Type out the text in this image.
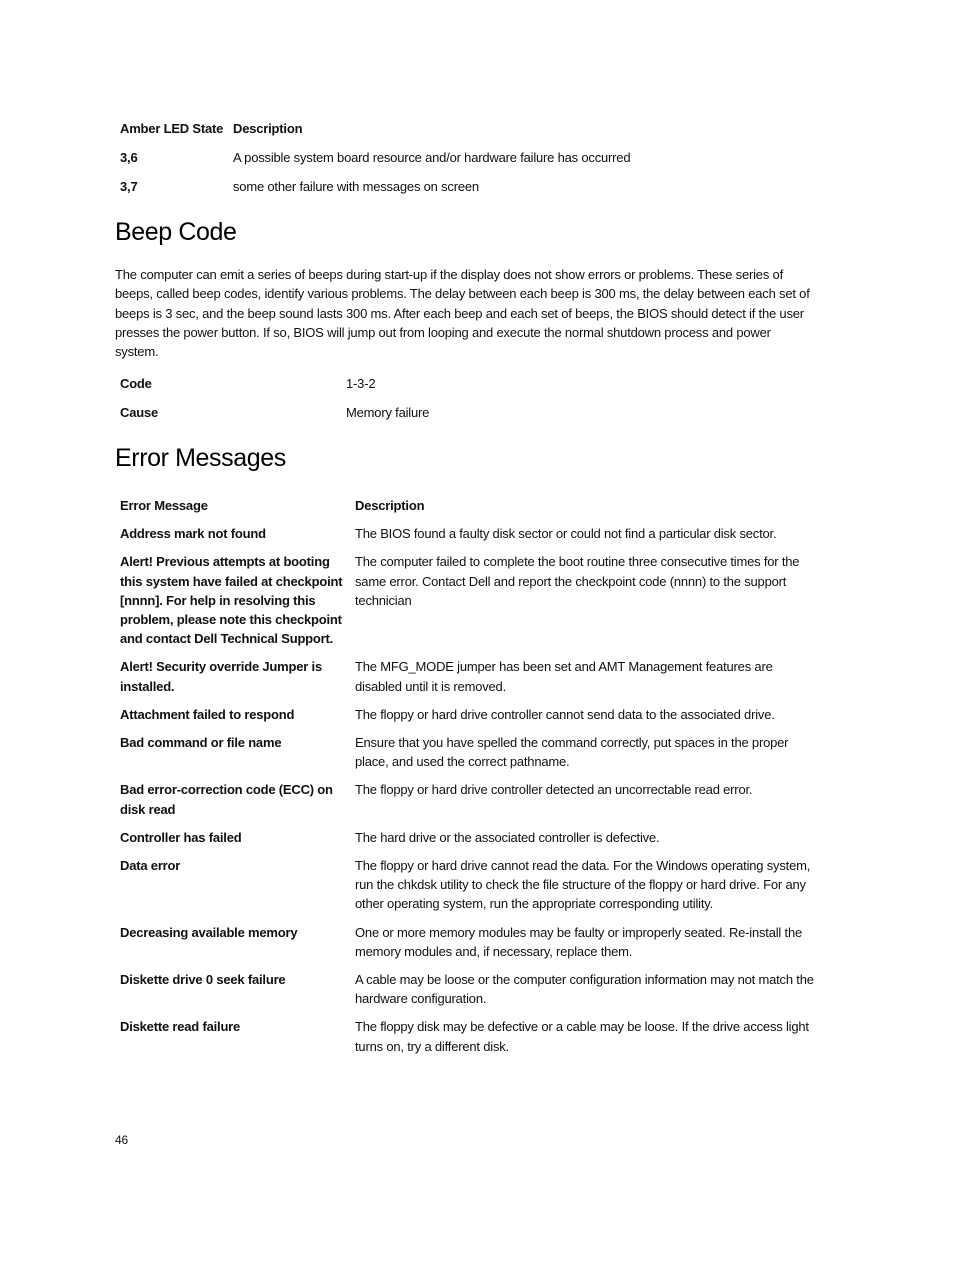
Amber LED State	Description
3,6	A possible system board resource and/or hardware failure has occurred
3,7	some other failure with messages on screen
Beep Code
The computer can emit a series of beeps during start-up if the display does not show errors or problems. These series of beeps, called beep codes, identify various problems. The delay between each beep is 300 ms, the delay between each set of beeps is 3 sec, and the beep sound lasts 300 ms. After each beep and each set of beeps, the BIOS should detect if the user presses the power button. If so, BIOS will jump out from looping and execute the normal shutdown process and power system.
Code	1-3-2
Cause	Memory failure
Error Messages
Error Message	Description
Address mark not found	The BIOS found a faulty disk sector or could not find a particular disk sector.
Alert! Previous attempts at booting this system have failed at checkpoint [nnnn]. For help in resolving this problem, please note this checkpoint and contact Dell Technical Support.	The computer failed to complete the boot routine three consecutive times for the same error. Contact Dell and report the checkpoint code (nnnn) to the support technician
Alert! Security override Jumper is installed.	The MFG_MODE jumper has been set and AMT Management features are disabled until it is removed.
Attachment failed to respond	The floppy or hard drive controller cannot send data to the associated drive.
Bad command or file name	Ensure that you have spelled the command correctly, put spaces in the proper place, and used the correct pathname.
Bad error-correction code (ECC) on disk read	The floppy or hard drive controller detected an uncorrectable read error.
Controller has failed	The hard drive or the associated controller is defective.
Data error	The floppy or hard drive cannot read the data. For the Windows operating system, run the chkdsk utility to check the file structure of the floppy or hard drive. For any other operating system, run the appropriate corresponding utility.
Decreasing available memory	One or more memory modules may be faulty or improperly seated. Re-install the memory modules and, if necessary, replace them.
Diskette drive 0 seek failure	A cable may be loose or the computer configuration information may not match the hardware configuration.
Diskette read failure	The floppy disk may be defective or a cable may be loose. If the drive access light turns on, try a different disk.
46
